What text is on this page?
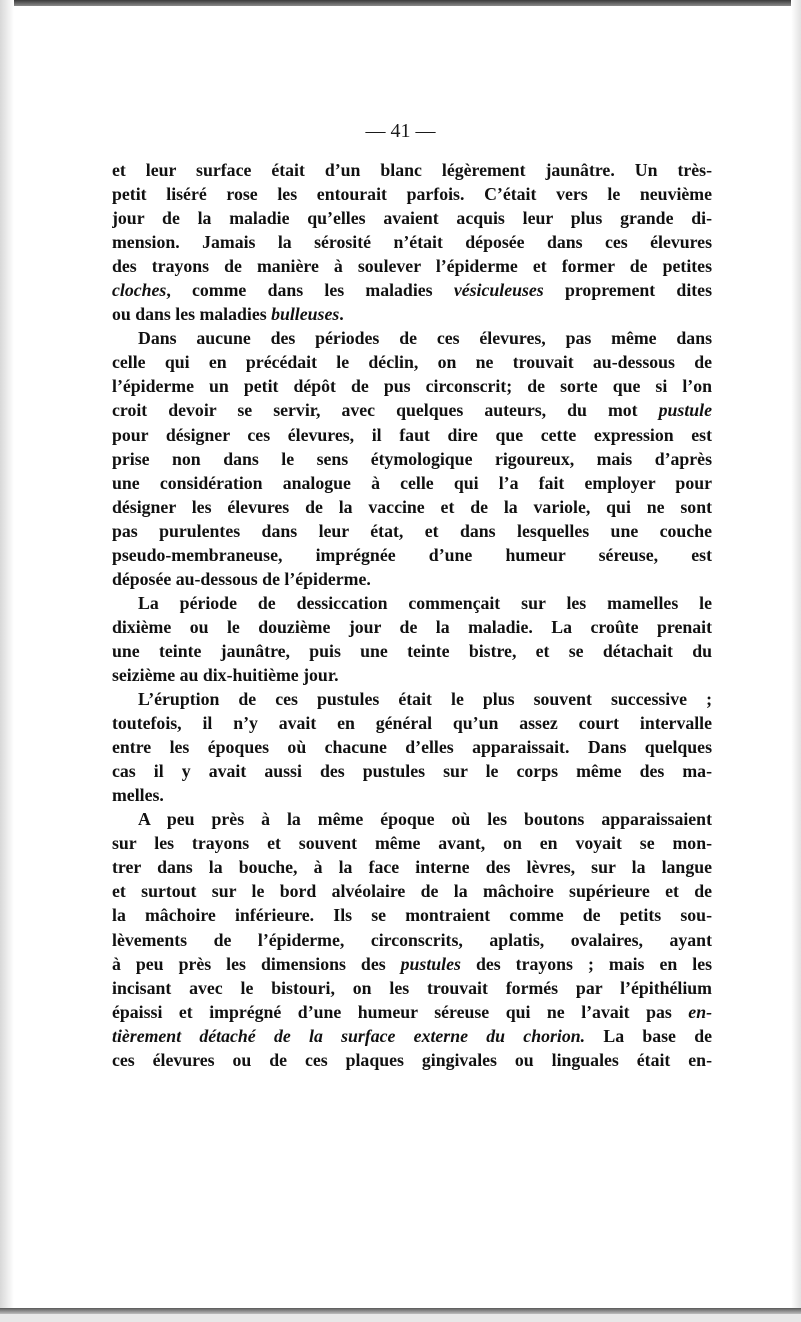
— 41 —
et leur surface était d’un blanc légèrement jaunâtre. Un très-
petit liséré rose les entourait parfois. C’était vers le neuvième
jour de la maladie qu’elles avaient acquis leur plus grande di-
mension. Jamais la sérosité n’était déposée dans ces élevures
des trayons de manière à soulever l’épiderme et former de petites
cloches, comme dans les maladies vésiculeuses proprement dites
ou dans les maladies bulleuses.
Dans aucune des périodes de ces élevures, pas même dans
celle qui en précédait le déclin, on ne trouvait au-dessous de
l’épiderme un petit dépôt de pus circonscrit; de sorte que si l’on
croit devoir se servir, avec quelques auteurs, du mot pustule
pour désigner ces élevures, il faut dire que cette expression est
prise non dans le sens étymologique rigoureux, mais d’après
une considération analogue à celle qui l’a fait employer pour
désigner les élevures de la vaccine et de la variole, qui ne sont
pas purulentes dans leur état, et dans lesquelles une couche
pseudo-membraneuse, imprégnée d’une humeur séreuse, est
déposée au-dessous de l’épiderme.
La période de dessiccation commençait sur les mamelles le
dixième ou le douzième jour de la maladie. La croûte prenait
une teinte jaunâtre, puis une teinte bistre, et se détachait du
seizième au dix-huitième jour.
L’éruption de ces pustules était le plus souvent successive ;
toutefois, il n’y avait en général qu’un assez court intervalle
entre les époques où chacune d’elles apparaissait. Dans quelques
cas il y avait aussi des pustules sur le corps même des ma-
melles.
A peu près à la même époque où les boutons apparaissaient
sur les trayons et souvent même avant, on en voyait se mon-
trer dans la bouche, à la face interne des lèvres, sur la langue
et surtout sur le bord alvéolaire de la mâchoire supérieure et de
la mâchoire inférieure. Ils se montraient comme de petits sou-
lèvements de l’épiderme, circonscrits, aplatis, ovalaires, ayant
à peu près les dimensions des pustules des trayons ; mais en les
incisant avec le bistouri, on les trouvait formés par l’épithélium
épaissi et imprégné d’une humeur séreuse qui ne l’avait pas en-
tièrement détaché de la surface externe du chorion. La base de
ces élevures ou de ces plaques gingivales ou linguales était en-
